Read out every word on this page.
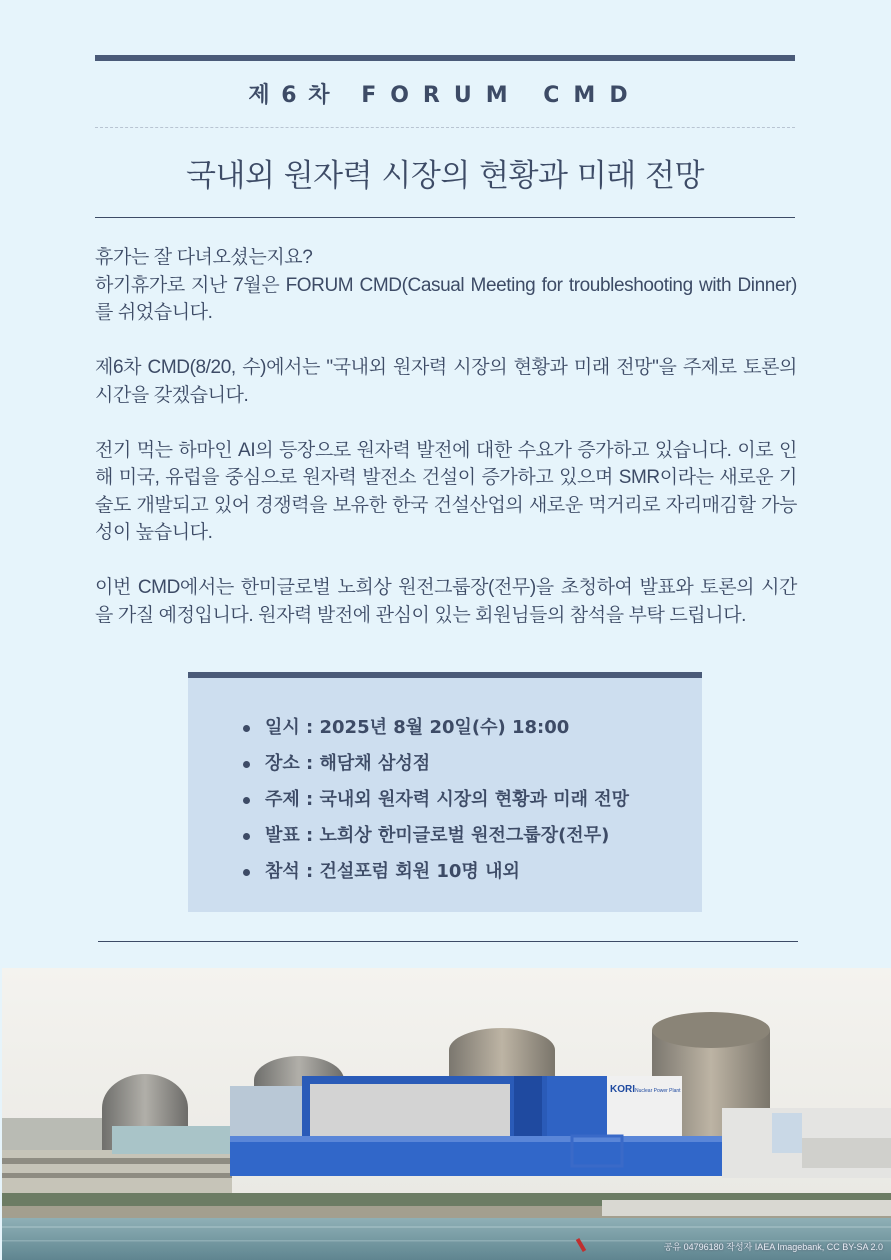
제 6 차 FORUM CMD
국내외 원자력 시장의 현황과 미래 전망

휴가는 잘 다녀오셨는지요?
하기휴가로 지난 7월은 FORUM CMD(Casual Meeting for troubleshooting with Dinner)를 쉬었습니다.

제6차 CMD(8/20, 수)에서는 "국내외 원자력 시장의 현황과 미래 전망"을 주제로 토론의 시간을 갖겠습니다.

전기 먹는 하마인 AI의 등장으로 원자력 발전에 대한 수요가 증가하고 있습니다. 이로 인해 미국, 유럽을 중심으로 원자력 발전소 건설이 증가하고 있으며 SMR이라는 새로운 기술도 개발되고 있어 경쟁력을 보유한 한국 건설산업의 새로운 먹거리로 자리매김할 가능성이 높습니다.

이번 CMD에서는 한미글로벌 노희상 원전그룹장(전무)을 초청하여 발표와 토론의 시간을 가질 예정입니다. 원자력 발전에 관심이 있는 회원님들의 참석을 부탁 드립니다.

일시 : 2025년 8월 20일(수) 18:00
장소 : 해담채 삼성점
주제 : 국내외 원자력 시장의 현황과 미래 전망
발표 : 노희상 한미글로벌 원전그룹장(전무)
참석 : 건설포럼 회원 10명 내외
KORI Nuclear Power Plant
공유 04796180 작성자 IAEA Imagebank, CC BY-SA 2.0
